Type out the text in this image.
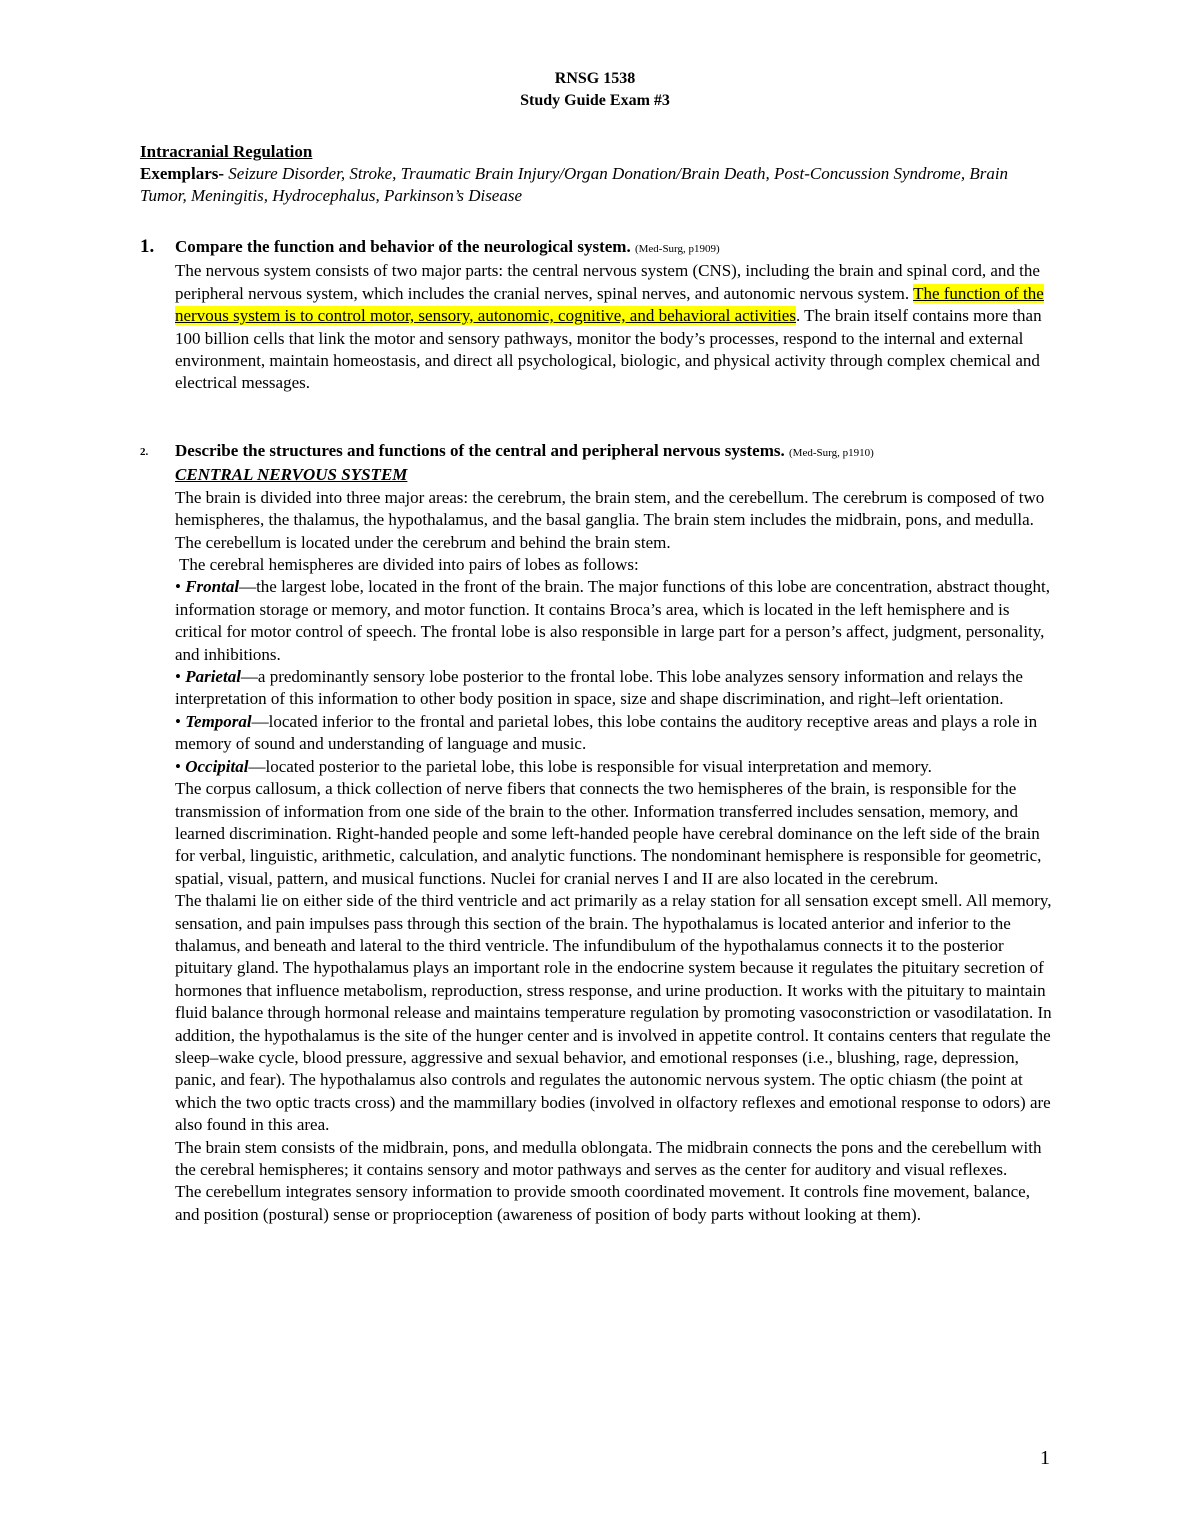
RNSG 1538
Study Guide Exam #3
Intracranial Regulation
Exemplars- Seizure Disorder, Stroke, Traumatic Brain Injury/Organ Donation/Brain Death, Post-Concussion Syndrome, Brain Tumor, Meningitis, Hydrocephalus, Parkinson’s Disease
1. Compare the function and behavior of the neurological system. (Med-Surg, p1909)
The nervous system consists of two major parts: the central nervous system (CNS), including the brain and spinal cord, and the peripheral nervous system, which includes the cranial nerves, spinal nerves, and autonomic nervous system. The function of the nervous system is to control motor, sensory, autonomic, cognitive, and behavioral activities. The brain itself contains more than 100 billion cells that link the motor and sensory pathways, monitor the body’s processes, respond to the internal and external environment, maintain homeostasis, and direct all psychological, biologic, and physical activity through complex chemical and electrical messages.
2. Describe the structures and functions of the central and peripheral nervous systems. (Med-Surg, p1910)
CENTRAL NERVOUS SYSTEM
The brain is divided into three major areas: the cerebrum, the brain stem, and the cerebellum. The cerebrum is composed of two hemispheres, the thalamus, the hypothalamus, and the basal ganglia. The brain stem includes the midbrain, pons, and medulla. The cerebellum is located under the cerebrum and behind the brain stem.
The cerebral hemispheres are divided into pairs of lobes as follows:
• Frontal—the largest lobe, located in the front of the brain. The major functions of this lobe are concentration, abstract thought, information storage or memory, and motor function. It contains Broca’s area, which is located in the left hemisphere and is critical for motor control of speech. The frontal lobe is also responsible in large part for a person’s affect, judgment, personality, and inhibitions.
• Parietal—a predominantly sensory lobe posterior to the frontal lobe. This lobe analyzes sensory information and relays the interpretation of this information to other body position in space, size and shape discrimination, and right–left orientation.
• Temporal—located inferior to the frontal and parietal lobes, this lobe contains the auditory receptive areas and plays a role in memory of sound and understanding of language and music.
• Occipital—located posterior to the parietal lobe, this lobe is responsible for visual interpretation and memory.
The corpus callosum, a thick collection of nerve fibers that connects the two hemispheres of the brain, is responsible for the transmission of information from one side of the brain to the other. Information transferred includes sensation, memory, and learned discrimination. Right-handed people and some left-handed people have cerebral dominance on the left side of the brain for verbal, linguistic, arithmetic, calculation, and analytic functions. The nondominant hemisphere is responsible for geometric, spatial, visual, pattern, and musical functions. Nuclei for cranial nerves I and II are also located in the cerebrum.
The thalami lie on either side of the third ventricle and act primarily as a relay station for all sensation except smell. All memory, sensation, and pain impulses pass through this section of the brain. The hypothalamus is located anterior and inferior to the thalamus, and beneath and lateral to the third ventricle. The infundibulum of the hypothalamus connects it to the posterior pituitary gland. The hypothalamus plays an important role in the endocrine system because it regulates the pituitary secretion of hormones that influence metabolism, reproduction, stress response, and urine production. It works with the pituitary to maintain fluid balance through hormonal release and maintains temperature regulation by promoting vasoconstriction or vasodilatation. In addition, the hypothalamus is the site of the hunger center and is involved in appetite control. It contains centers that regulate the sleep–wake cycle, blood pressure, aggressive and sexual behavior, and emotional responses (i.e., blushing, rage, depression, panic, and fear). The hypothalamus also controls and regulates the autonomic nervous system. The optic chiasm (the point at which the two optic tracts cross) and the mammillary bodies (involved in olfactory reflexes and emotional response to odors) are also found in this area.
The brain stem consists of the midbrain, pons, and medulla oblongata. The midbrain connects the pons and the cerebellum with the cerebral hemispheres; it contains sensory and motor pathways and serves as the center for auditory and visual reflexes.
The cerebellum integrates sensory information to provide smooth coordinated movement. It controls fine movement, balance, and position (postural) sense or proprioception (awareness of position of body parts without looking at them).
1
